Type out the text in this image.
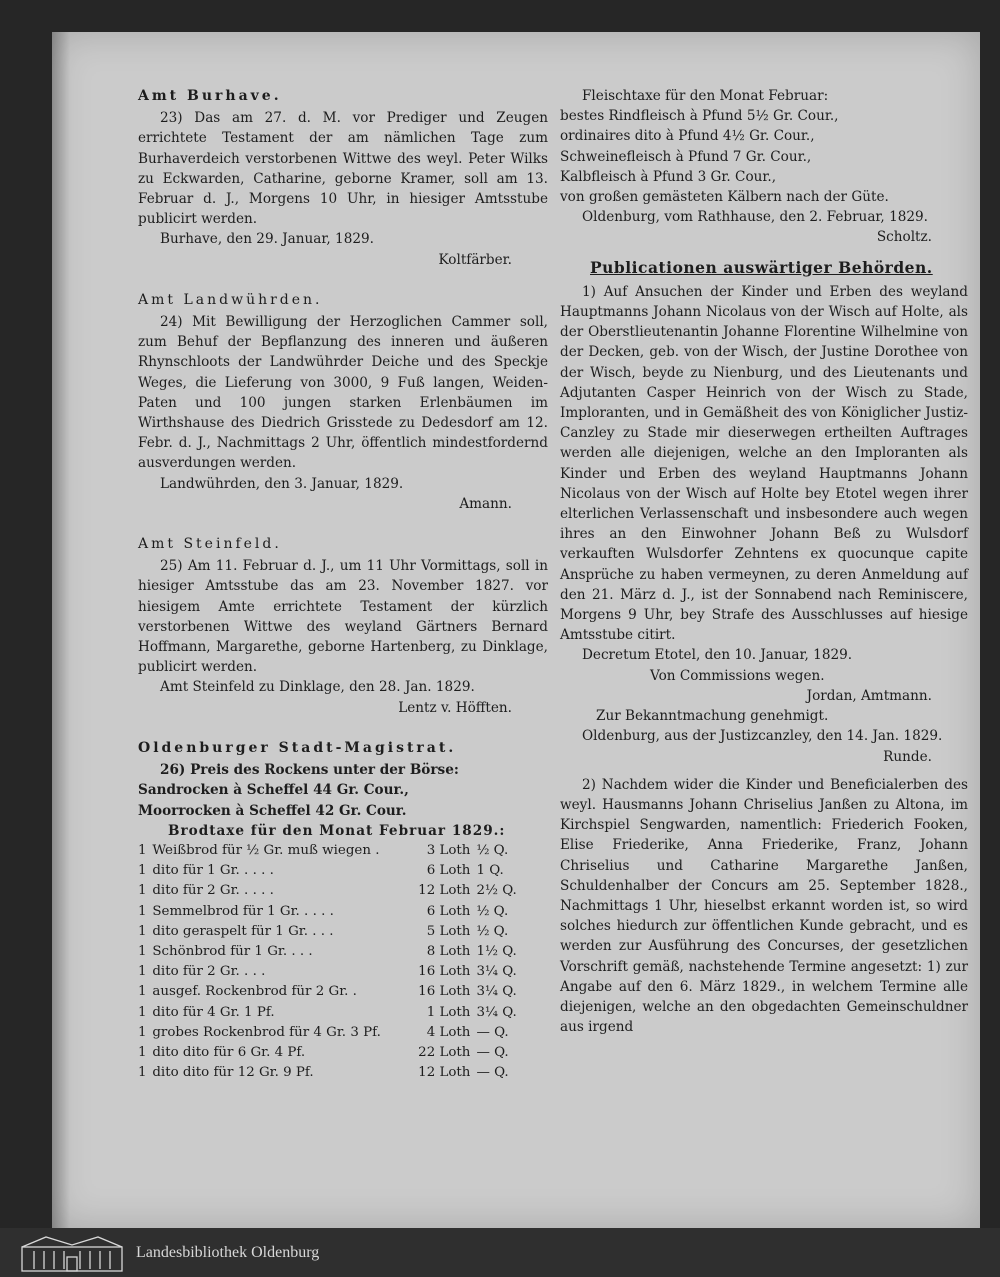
Amt Burhave.

23) Das am 27. d. M. vor Prediger und Zeugen errichtete Testament der am nämlichen Tage zum Burhaverdeich verstorbenen Wittwe des weyl. Peter Wilks zu Eckwarden, Catharine, geborne Kramer, soll am 13. Februar d. J., Morgens 10 Uhr, in hiesiger Amtsstube publicirt werden.

Burhave, den 29. Januar, 1829.

Koltfärber.

Amt Landwührden.

24) Mit Bewilligung der Herzoglichen Cammer soll, zum Behuf der Bepflanzung des inneren und äußeren Rhynschloots der Landwührder Deiche und des Speckje Weges, die Lieferung von 3000, 9 Fuß langen, Weiden-Paten und 100 jungen starken Erlenbäumen im Wirthshause des Diedrich Grisstede zu Dedesdorf am 12. Febr. d. J., Nachmittags 2 Uhr, öffentlich mindestfordernd ausverdungen werden.

Landwührden, den 3. Januar, 1829.

Amann.

Amt Steinfeld.

25) Am 11. Februar d. J., um 11 Uhr Vormittags, soll in hiesiger Amtsstube das am 23. November 1827. vor hiesigem Amte errichtete Testament der kürzlich verstorbenen Wittwe des weyland Gärtners Bernard Hoffmann, Margarethe, geborne Hartenberg, zu Dinklage, publicirt werden.

Amt Steinfeld zu Dinklage, den 28. Jan. 1829.

Lentz v. Höfften.

Oldenburger Stadt-Magistrat.

26) Preis des Rockens unter der Börse:

Sandrocken à Scheffel 44 Gr. Cour.,

Moorrocken à Scheffel 42 Gr. Cour.

Brodtaxe für den Monat Februar 1829.:
1	Weißbrod für ½ Gr. muß wiegen .	3 Loth	½ Q.
1	dito für 1 Gr. . . . .	6 Loth	1 Q.
1	dito für 2 Gr. . . . .	12 Loth	2½ Q.
1	Semmelbrod für 1 Gr. . . . .	6 Loth	½ Q.
1	dito geraspelt für 1 Gr. . . .	5 Loth	½ Q.
1	Schönbrod für 1 Gr. . . .	8 Loth	1½ Q.
1	dito für 2 Gr. . . .	16 Loth	3¼ Q.
1	ausgef. Rockenbrod für 2 Gr. .	16 Loth	3¼ Q.
1	dito für 4 Gr. 1 Pf.	1 Loth	3¼ Q.
1	grobes Rockenbrod für 4 Gr. 3 Pf.	4 Loth	— Q.
1	dito dito für 6 Gr. 4 Pf.	22 Loth	— Q.
1	dito dito für 12 Gr. 9 Pf.	12 Loth	— Q.

Fleischtaxe für den Monat Februar:

bestes Rindfleisch à Pfund 5½ Gr. Cour.,

ordinaires dito à Pfund 4½ Gr. Cour.,

Schweinefleisch à Pfund 7 Gr. Cour.,

Kalbfleisch à Pfund 3 Gr. Cour.,

von großen gemästeten Kälbern nach der Güte.

Oldenburg, vom Rathhause, den 2. Februar, 1829.

Scholtz.

Publicationen auswärtiger Behörden.

1) Auf Ansuchen der Kinder und Erben des weyland Hauptmanns Johann Nicolaus von der Wisch auf Holte, als der Oberstlieutenantin Johanne Florentine Wilhelmine von der Decken, geb. von der Wisch, der Justine Dorothee von der Wisch, beyde zu Nienburg, und des Lieutenants und Adjutanten Casper Heinrich von der Wisch zu Stade, Imploranten, und in Gemäßheit des von Königlicher Justiz-Canzley zu Stade mir dieserwegen ertheilten Auftrages werden alle diejenigen, welche an den Imploranten als Kinder und Erben des weyland Hauptmanns Johann Nicolaus von der Wisch auf Holte bey Etotel wegen ihrer elterlichen Verlassenschaft und insbesondere auch wegen ihres an den Einwohner Johann Beß zu Wulsdorf verkauften Wulsdorfer Zehntens ex quocunque capite Ansprüche zu haben vermeynen, zu deren Anmeldung auf den 21. März d. J., ist der Sonnabend nach Reminiscere, Morgens 9 Uhr, bey Strafe des Ausschlusses auf hiesige Amtsstube citirt.

Decretum Etotel, den 10. Januar, 1829.

Von Commissions wegen.

Jordan, Amtmann.

Zur Bekanntmachung genehmigt.

Oldenburg, aus der Justizcanzley, den 14. Jan. 1829.

Runde.

2) Nachdem wider die Kinder und Beneficialerben des weyl. Hausmanns Johann Chriselius Janßen zu Altona, im Kirchspiel Sengwarden, namentlich: Friederich Fooken, Elise Friederike, Anna Friederike, Franz, Johann Chriselius und Catharine Margarethe Janßen, Schuldenhalber der Concurs am 25. September 1828., Nachmittags 1 Uhr, hieselbst erkannt worden ist, so wird solches hiedurch zur öffentlichen Kunde gebracht, und es werden zur Ausführung des Concurses, der gesetzlichen Vorschrift gemäß, nachstehende Termine angesetzt: 1) zur Angabe auf den 6. März 1829., in welchem Termine alle diejenigen, welche an den obgedachten Gemeinschuldner aus irgend

Landesbibliothek Oldenburg
